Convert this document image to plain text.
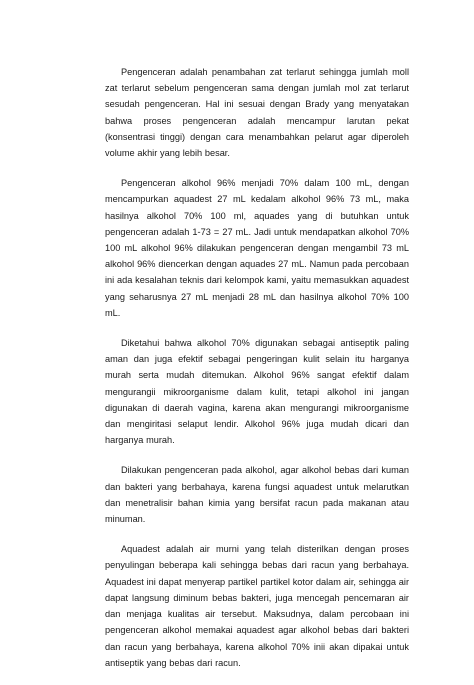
Pengenceran adalah penambahan zat terlarut sehingga jumlah moll zat terlarut sebelum pengenceran sama dengan jumlah mol zat terlarut sesudah pengenceran. Hal ini sesuai dengan Brady yang menyatakan bahwa proses pengenceran adalah mencampur larutan pekat (konsentrasi tinggi) dengan cara menambahkan pelarut agar diperoleh volume akhir yang lebih besar.

Pengenceran alkohol 96% menjadi 70% dalam 100 mL, dengan mencampurkan aquadest 27 mL kedalam alkohol 96% 73 mL, maka hasilnya alkohol 70% 100 ml, aquades yang di butuhkan untuk pengenceran adalah 1-73 = 27 mL. Jadi untuk mendapatkan alkohol 70% 100 mL alkohol 96% dilakukan pengenceran dengan mengambil 73 mL alkohol 96% diencerkan dengan aquades 27 mL. Namun pada percobaan ini ada kesalahan teknis dari kelompok kami, yaitu memasukkan aquadest yang seharusnya 27 mL menjadi 28 mL dan hasilnya alkohol 70% 100 mL.

Diketahui bahwa alkohol 70% digunakan sebagai antiseptik paling aman dan juga efektif sebagai pengeringan kulit selain itu harganya murah serta mudah ditemukan. Alkohol 96% sangat efektif dalam mengurangii mikroorganisme dalam kulit, tetapi alkohol ini jangan digunakan di daerah vagina, karena akan mengurangi mikroorganisme dan mengiritasi selaput lendir. Alkohol 96% juga mudah dicari dan harganya murah.

Dilakukan pengenceran pada alkohol, agar alkohol bebas dari kuman dan bakteri yang berbahaya, karena fungsi aquadest untuk melarutkan dan menetralisir bahan kimia yang bersifat racun pada makanan atau minuman.

Aquadest adalah air murni yang telah disterilkan dengan proses penyulingan beberapa kali sehingga bebas dari racun yang berbahaya. Aquadest ini dapat menyerap partikel partikel kotor dalam air, sehingga air dapat langsung diminum bebas bakteri, juga mencegah pencemaran air dan menjaga kualitas air tersebut. Maksudnya, dalam percobaan ini pengenceran alkohol memakai aquadest agar alkohol bebas dari bakteri dan racun yang berbahaya, karena alkohol 70% inii akan dipakai untuk antiseptik yang bebas dari racun.
